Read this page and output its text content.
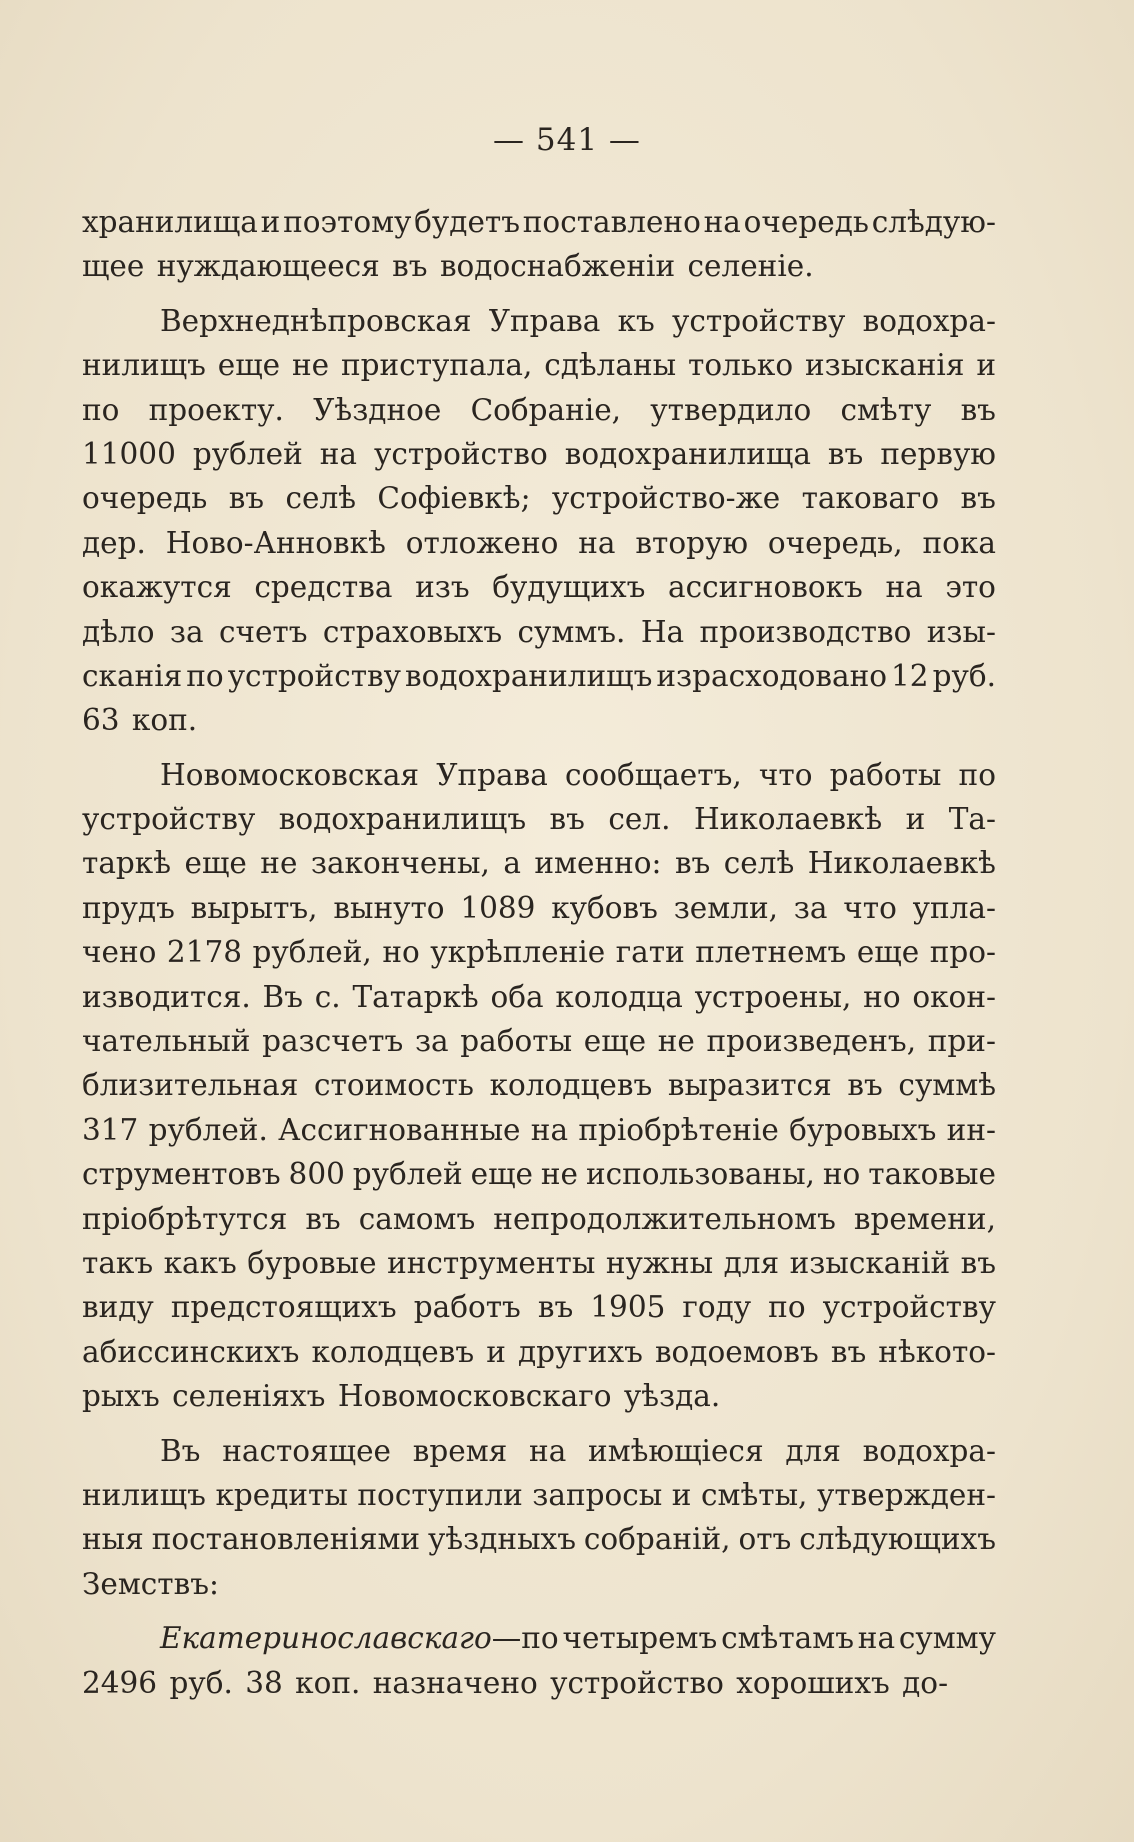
— 541 —
хранилища и поэтому будетъ поставлено на очередь слѣдую-
щее нуждающееся въ водоснабженіи селеніе.
Верхнеднѣпровская Управа къ устройству водохра-
нилищъ еще не приступала, сдѣланы только изысканія и
по проекту. Уѣздное Собраніе, утвердило смѣту въ
11000 рублей на устройство водохранилища въ первую
очередь въ селѣ Софіевкѣ; устройство-же таковаго въ
дер. Ново-Анновкѣ отложено на вторую очередь, пока
окажутся средства изъ будущихъ ассигновокъ на это
дѣло за счетъ страховыхъ суммъ. На производство изы-
сканія по устройству водохранилищъ израсходовано 12 руб.
63 коп.
Новомосковская Управа сообщаетъ, что работы по
устройству водохранилищъ въ сел. Николаевкѣ и Та-
таркѣ еще не закончены, а именно: въ селѣ Николаевкѣ
прудъ вырытъ, вынуто 1089 кубовъ земли, за что упла-
чено 2178 рублей, но укрѣпленіе гати плетнемъ еще про-
изводится. Въ с. Татаркѣ оба колодца устроены, но окон-
чательный разсчетъ за работы еще не произведенъ, при-
близительная стоимость колодцевъ выразится въ суммѣ
317 рублей. Ассигнованные на пріобрѣтеніе буровыхъ ин-
струментовъ 800 рублей еще не использованы, но таковые
пріобрѣтутся въ самомъ непродолжительномъ времени,
такъ какъ буровые инструменты нужны для изысканій въ
виду предстоящихъ работъ въ 1905 году по устройству
абиссинскихъ колодцевъ и другихъ водоемовъ въ нѣкото-
рыхъ селеніяхъ Новомосковскаго уѣзда.
Въ настоящее время на имѣющіеся для водохра-
нилищъ кредиты поступили запросы и смѣты, утвержден-
ныя постановленіями уѣздныхъ собраній, отъ слѣдующихъ
Земствъ:
Екатеринославскаго—по четыремъ смѣтамъ на сумму
2496 руб. 38 коп. назначено устройство хорошихъ до-
